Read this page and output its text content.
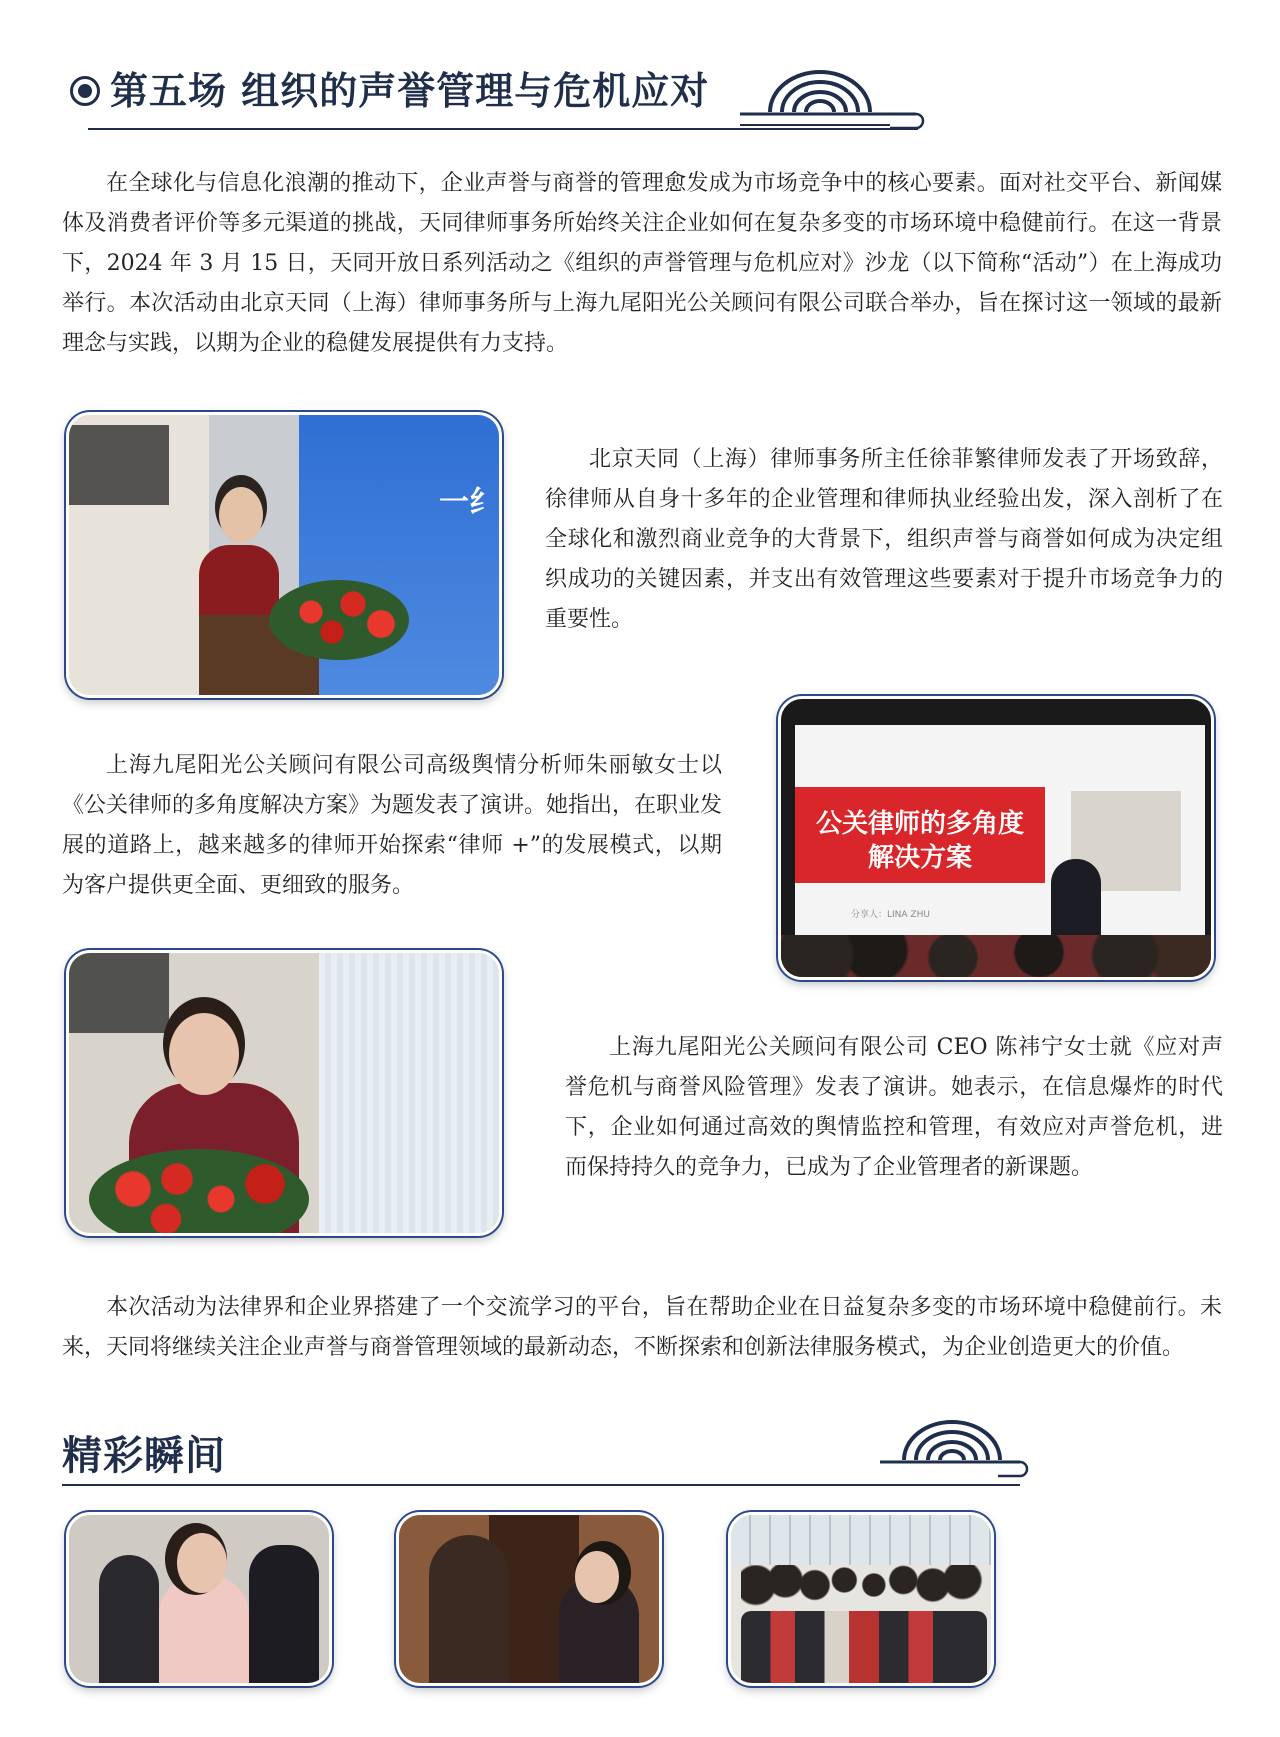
第五场 组织的声誉管理与危机应对
在全球化与信息化浪潮的推动下，企业声誉与商誉的管理愈发成为市场竞争中的核心要素。面对社交平台、新闻媒体及消费者评价等多元渠道的挑战，天同律师事务所始终关注企业如何在复杂多变的市场环境中稳健前行。在这一背景下，2024 年 3 月 15 日，天同开放日系列活动之《组织的声誉管理与危机应对》沙龙（以下简称“活动”）在上海成功举行。本次活动由北京天同（上海）律师事务所与上海九尾阳光公关顾问有限公司联合举办，旨在探讨这一领域的最新理念与实践，以期为企业的稳健发展提供有力支持。
一纟
北京天同（上海）律师事务所主任徐菲繁律师发表了开场致辞，徐律师从自身十多年的企业管理和律师执业经验出发，深入剖析了在全球化和激烈商业竞争的大背景下，组织声誉与商誉如何成为决定组织成功的关键因素，并支出有效管理这些要素对于提升市场竞争力的重要性。
公关律师的多角度
解决方案
分享人：LINA ZHU
上海九尾阳光公关顾问有限公司高级舆情分析师朱丽敏女士以《公关律师的多角度解决方案》为题发表了演讲。她指出，在职业发展的道路上，越来越多的律师开始探索“律师 +”的发展模式，以期为客户提供更全面、更细致的服务。
上海九尾阳光公关顾问有限公司 CEO 陈祎宁女士就《应对声誉危机与商誉风险管理》发表了演讲。她表示，在信息爆炸的时代下，企业如何通过高效的舆情监控和管理，有效应对声誉危机，进而保持持久的竞争力，已成为了企业管理者的新课题。
本次活动为法律界和企业界搭建了一个交流学习的平台，旨在帮助企业在日益复杂多变的市场环境中稳健前行。未来，天同将继续关注企业声誉与商誉管理领域的最新动态，不断探索和创新法律服务模式，为企业创造更大的价值。
精彩瞬间
